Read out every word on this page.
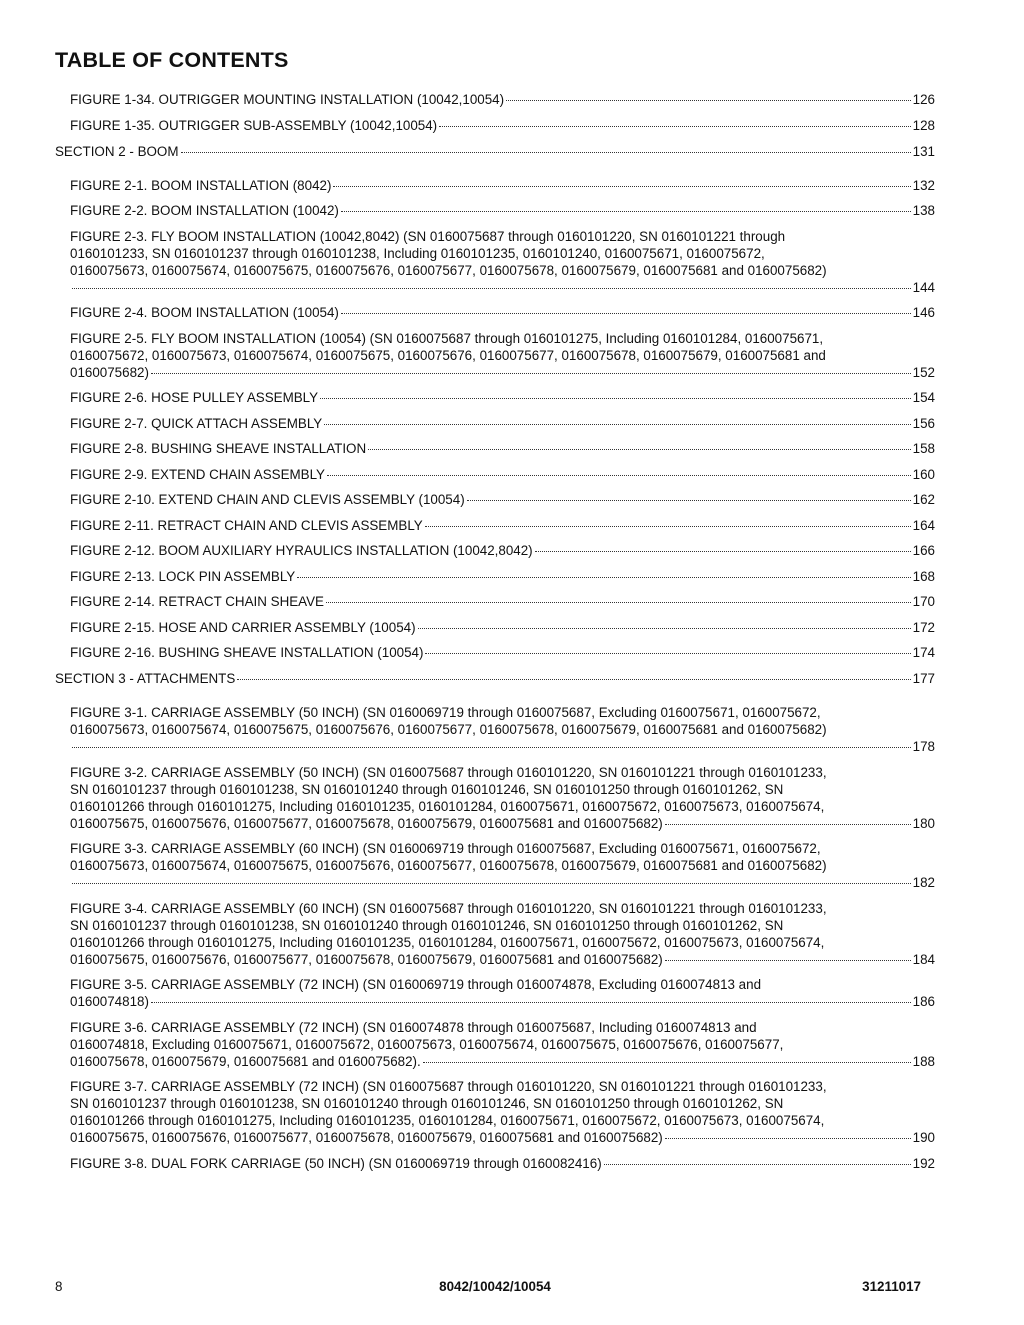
TABLE OF CONTENTS
FIGURE 1-34. OUTRIGGER MOUNTING INSTALLATION (10042,10054)	126
FIGURE 1-35. OUTRIGGER SUB-ASSEMBLY (10042,10054)	128
SECTION 2 - BOOM	131
FIGURE 2-1. BOOM INSTALLATION (8042)	132
FIGURE 2-2. BOOM INSTALLATION (10042)	138
FIGURE 2-3. FLY BOOM INSTALLATION (10042,8042) (SN 0160075687 through 0160101220, SN 0160101221 through
0160101233, SN 0160101237 through 0160101238, Including 0160101235, 0160101240, 0160075671, 0160075672,
0160075673, 0160075674, 0160075675, 0160075676, 0160075677, 0160075678, 0160075679, 0160075681 and 0160075682)
144
FIGURE 2-4. BOOM INSTALLATION (10054)	146
FIGURE 2-5. FLY BOOM INSTALLATION (10054) (SN 0160075687 through 0160101275, Including 0160101284, 0160075671,
0160075672, 0160075673, 0160075674, 0160075675, 0160075676, 0160075677, 0160075678, 0160075679, 0160075681 and
0160075682)	152
FIGURE 2-6. HOSE PULLEY ASSEMBLY	154
FIGURE 2-7. QUICK ATTACH ASSEMBLY	156
FIGURE 2-8. BUSHING SHEAVE INSTALLATION	158
FIGURE 2-9. EXTEND CHAIN ASSEMBLY	160
FIGURE 2-10. EXTEND CHAIN AND CLEVIS ASSEMBLY (10054)	162
FIGURE 2-11. RETRACT CHAIN AND CLEVIS ASSEMBLY	164
FIGURE 2-12. BOOM AUXILIARY HYRAULICS INSTALLATION (10042,8042)	166
FIGURE 2-13. LOCK PIN ASSEMBLY	168
FIGURE 2-14. RETRACT CHAIN SHEAVE	170
FIGURE 2-15. HOSE AND CARRIER ASSEMBLY (10054)	172
FIGURE 2-16. BUSHING SHEAVE INSTALLATION (10054)	174
SECTION 3 - ATTACHMENTS	177
FIGURE 3-1. CARRIAGE ASSEMBLY (50 INCH) (SN 0160069719 through 0160075687, Excluding 0160075671, 0160075672,
0160075673, 0160075674, 0160075675, 0160075676, 0160075677, 0160075678, 0160075679, 0160075681 and 0160075682)
178
FIGURE 3-2. CARRIAGE ASSEMBLY (50 INCH) (SN 0160075687 through 0160101220, SN 0160101221 through 0160101233,
SN 0160101237 through 0160101238, SN 0160101240 through 0160101246, SN 0160101250 through 0160101262, SN
0160101266 through 0160101275, Including 0160101235, 0160101284, 0160075671, 0160075672, 0160075673, 0160075674,
0160075675, 0160075676, 0160075677, 0160075678, 0160075679, 0160075681 and 0160075682)	180
FIGURE 3-3. CARRIAGE ASSEMBLY (60 INCH) (SN 0160069719 through 0160075687, Excluding 0160075671, 0160075672,
0160075673, 0160075674, 0160075675, 0160075676, 0160075677, 0160075678, 0160075679, 0160075681 and 0160075682)
182
FIGURE 3-4. CARRIAGE ASSEMBLY (60 INCH) (SN 0160075687 through 0160101220, SN 0160101221 through 0160101233,
SN 0160101237 through 0160101238, SN 0160101240 through 0160101246, SN 0160101250 through 0160101262, SN
0160101266 through 0160101275, Including 0160101235, 0160101284, 0160075671, 0160075672, 0160075673, 0160075674,
0160075675, 0160075676, 0160075677, 0160075678, 0160075679, 0160075681 and 0160075682)	184
FIGURE 3-5. CARRIAGE ASSEMBLY (72 INCH) (SN 0160069719 through 0160074878, Excluding 0160074813 and
0160074818)	186
FIGURE 3-6. CARRIAGE ASSEMBLY (72 INCH) (SN 0160074878 through 0160075687, Including 0160074813 and
0160074818, Excluding 0160075671, 0160075672, 0160075673, 0160075674, 0160075675, 0160075676, 0160075677,
0160075678, 0160075679, 0160075681 and 0160075682).	188
FIGURE 3-7. CARRIAGE ASSEMBLY (72 INCH) (SN 0160075687 through 0160101220, SN 0160101221 through 0160101233,
SN 0160101237 through 0160101238, SN 0160101240 through 0160101246, SN 0160101250 through 0160101262, SN
0160101266 through 0160101275, Including 0160101235, 0160101284, 0160075671, 0160075672, 0160075673, 0160075674,
0160075675, 0160075676, 0160075677, 0160075678, 0160075679, 0160075681 and 0160075682)	190
FIGURE 3-8. DUAL FORK CARRIAGE (50 INCH) (SN 0160069719 through 0160082416)	192
8	8042/10042/10054	31211017
